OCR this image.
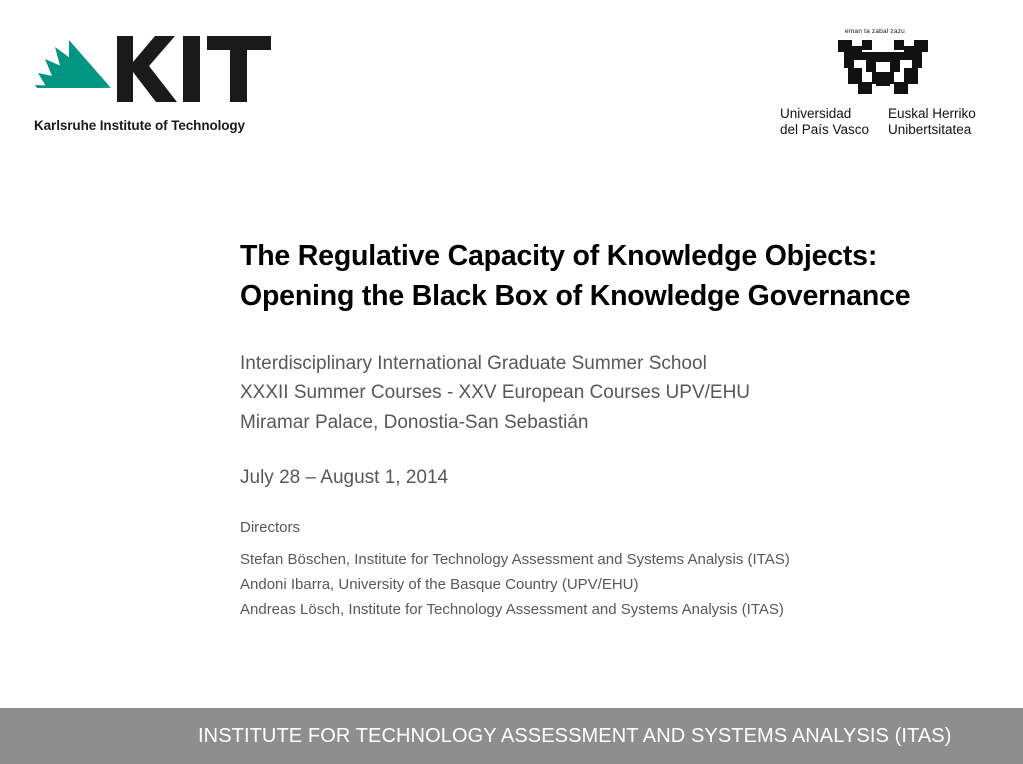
Karlsruhe Institute of Technology
eman ta zabal zazu
Universidad
del País Vasco
Euskal Herriko
Unibertsitatea
The Regulative Capacity of Knowledge Objects:
Opening the Black Box of Knowledge Governance
Interdisciplinary International Graduate Summer School
XXXII Summer Courses - XXV European Courses UPV/EHU
Miramar Palace, Donostia-San Sebastián
July 28 – August 1, 2014
Directors
Stefan Böschen, Institute for Technology Assessment and Systems Analysis (ITAS)
Andoni Ibarra, University of the Basque Country (UPV/EHU)
Andreas Lösch, Institute for Technology Assessment and Systems Analysis (ITAS)
INSTITUTE FOR TECHNOLOGY ASSESSMENT AND SYSTEMS ANALYSIS (ITAS)
